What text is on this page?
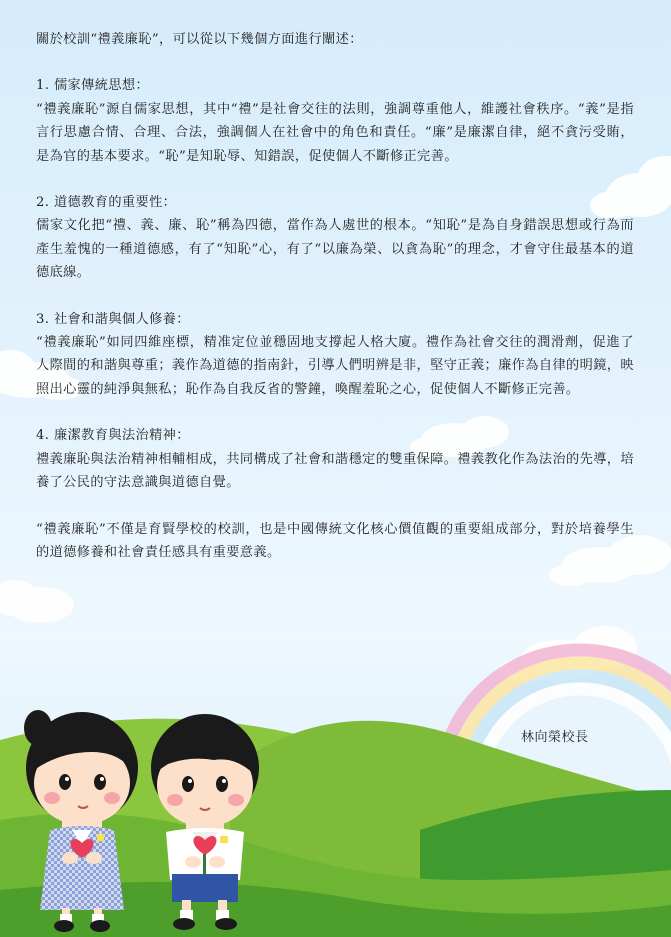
關於校訓“禮義廉恥”，可以從以下幾個方面進行闡述：

1. 儒家傳統思想：

“禮義廉恥”源自儒家思想，其中“禮”是社會交往的法則，強調尊重他人，維護社會秩序。“義”是指言行思慮合情、合理、合法，強調個人在社會中的角色和責任。“廉”是廉潔自律，絕不貪污受賄，是為官的基本要求。“恥”是知恥辱、知錯誤，促使個人不斷修正完善。

2. 道德教育的重要性：

儒家文化把“禮、義、廉、恥”稱為四德，當作為人處世的根本。“知恥”是為自身錯誤思想或行為而產生羞愧的一種道德感，有了“知恥”心，有了“以廉為榮、以貪為恥”的理念，才會守住最基本的道德底線。

3. 社會和諧與個人修養：

“禮義廉恥”如同四維座標，精准定位並穩固地支撐起人格大廈。禮作為社會交往的潤滑劑，促進了人際間的和諧與尊重；義作為道德的指南針，引導人們明辨是非，堅守正義；廉作為自律的明鏡，映照出心靈的純淨與無私；恥作為自我反省的警鐘，喚醒羞恥之心，促使個人不斷修正完善。

4. 廉潔教育與法治精神：

禮義廉恥與法治精神相輔相成，共同構成了社會和諧穩定的雙重保障。禮義教化作為法治的先導，培養了公民的守法意識與道德自覺。

“禮義廉恥”不僅是育賢學校的校訓，也是中國傳統文化核心價值觀的重要組成部分，對於培養學生的道德修養和社會責任感具有重要意義。

林向榮校長
